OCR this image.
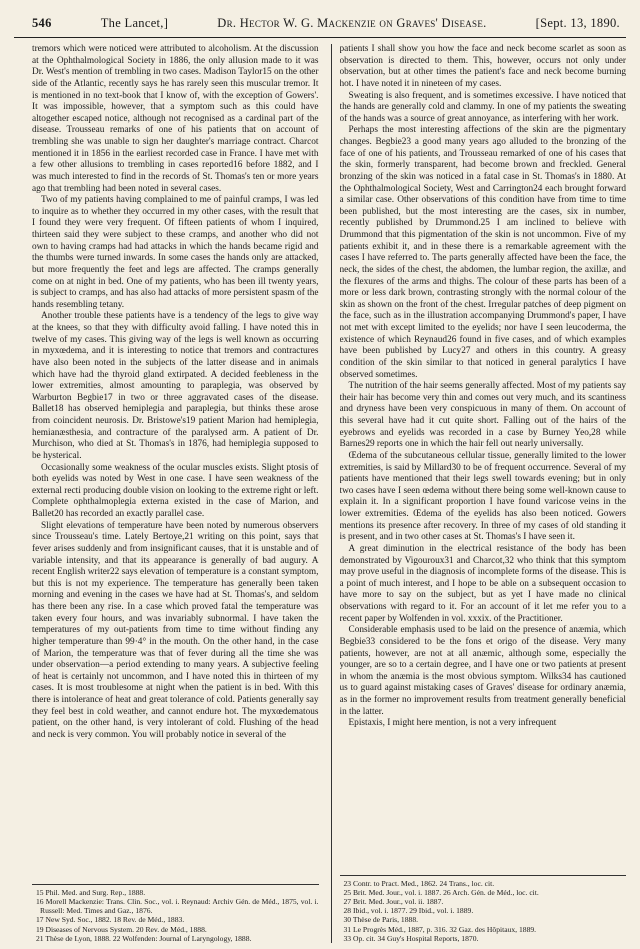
546	The Lancet,]	Dr. Hector W. G. Mackenzie on Graves' Disease.	[Sept. 13, 1890.

tremors which were noticed were attributed to alcoholism. At the discussion at the Ophthalmological Society in 1886, the only allusion made to it was Dr. West's mention of trembling in two cases. Madison Taylor15 on the other side of the Atlantic, recently says he has rarely seen this muscular tremor. It is mentioned in no text-book that I know of, with the exception of Gowers'. It was impossible, however, that a symptom such as this could have altogether escaped notice, although not recognised as a cardinal part of the disease. Trousseau remarks of one of his patients that on account of trembling she was unable to sign her daughter's marriage contract. Charcot mentioned it in 1856 in the earliest recorded case in France. I have met with a few other allusions to trembling in cases reported16 before 1882, and I was much interested to find in the records of St. Thomas's ten or more years ago that trembling had been noted in several cases.

Two of my patients having complained to me of painful cramps, I was led to inquire as to whether they occurred in my other cases, with the result that I found they were very frequent. Of fifteen patients of whom I inquired, thirteen said they were subject to these cramps, and another who did not own to having cramps had had attacks in which the hands became rigid and the thumbs were turned inwards. In some cases the hands only are attacked, but more frequently the feet and legs are affected. The cramps generally come on at night in bed. One of my patients, who has been ill twenty years, is subject to cramps, and has also had attacks of more persistent spasm of the hands resembling tetany.

Another trouble these patients have is a tendency of the legs to give way at the knees, so that they with difficulty avoid falling. I have noted this in twelve of my cases. This giving way of the legs is well known as occurring in myxœdema, and it is interesting to notice that tremors and contractures have also been noted in the subjects of the latter disease and in animals which have had the thyroid gland extirpated. A decided feebleness in the lower extremities, almost amounting to paraplegia, was observed by Warburton Begbie17 in two or three aggravated cases of the disease. Ballet18 has observed hemiplegia and paraplegia, but thinks these arose from coincident neurosis. Dr. Bristowe's19 patient Marion had hemiplegia, hemianæsthesia, and contracture of the paralysed arm. A patient of Dr. Murchison, who died at St. Thomas's in 1876, had hemiplegia supposed to be hysterical.

Occasionally some weakness of the ocular muscles exists. Slight ptosis of both eyelids was noted by West in one case. I have seen weakness of the external recti producing double vision on looking to the extreme right or left. Complete ophthalmoplegia externa existed in the case of Marion, and Ballet20 has recorded an exactly parallel case.

Slight elevations of temperature have been noted by numerous observers since Trousseau's time. Lately Bertoye,21 writing on this point, says that fever arises suddenly and from insignificant causes, that it is unstable and of variable intensity, and that its appearance is generally of bad augury. A recent English writer22 says elevation of temperature is a constant symptom, but this is not my experience. The temperature has generally been taken morning and evening in the cases we have had at St. Thomas's, and seldom has there been any rise. In a case which proved fatal the temperature was taken every four hours, and was invariably subnormal. I have taken the temperatures of my out-patients from time to time without finding any higher temperature than 99·4° in the mouth. On the other hand, in the case of Marion, the temperature was that of fever during all the time she was under observation—a period extending to many years. A subjective feeling of heat is certainly not uncommon, and I have noted this in thirteen of my cases. It is most troublesome at night when the patient is in bed. With this there is intolerance of heat and great tolerance of cold. Patients generally say they feel best in cold weather, and cannot endure hot. The myxœdematous patient, on the other hand, is very intolerant of cold. Flushing of the head and neck is very common. You will probably notice in several of the

15 Phil. Med. and Surg. Rep., 1888.
16 Morell Mackenzie: Trans. Clin. Soc., vol. i. Reynaud: Archiv Gén. de Méd., 1875, vol. i. Russell: Med. Times and Gaz., 1876.
17 New Syd. Soc., 1882. 18 Rev. de Méd., 1883.
19 Diseases of Nervous System. 20 Rev. de Méd., 1888.
21 Thèse de Lyon, 1888. 22 Wolfenden: Journal of Laryngology, 1888.

patients I shall show you how the face and neck become scarlet as soon as observation is directed to them. This, however, occurs not only under observation, but at other times the patient's face and neck become burning hot. I have noted it in nineteen of my cases.

Sweating is also frequent, and is sometimes excessive. I have noticed that the hands are generally cold and clammy. In one of my patients the sweating of the hands was a source of great annoyance, as interfering with her work.

Perhaps the most interesting affections of the skin are the pigmentary changes. Begbie23 a good many years ago alluded to the bronzing of the face of one of his patients, and Trousseau remarked of one of his cases that the skin, formerly transparent, had become brown and freckled. General bronzing of the skin was noticed in a fatal case in St. Thomas's in 1880. At the Ophthalmological Society, West and Carrington24 each brought forward a similar case. Other observations of this condition have from time to time been published, but the most interesting are the cases, six in number, recently published by Drummond.25 I am inclined to believe with Drummond that this pigmentation of the skin is not uncommon. Five of my patients exhibit it, and in these there is a remarkable agreement with the cases I have referred to. The parts generally affected have been the face, the neck, the sides of the chest, the abdomen, the lumbar region, the axillæ, and the flexures of the arms and thighs. The colour of these parts has been of a more or less dark brown, contrasting strongly with the normal colour of the skin as shown on the front of the chest. Irregular patches of deep pigment on the face, such as in the illustration accompanying Drummond's paper, I have not met with except limited to the eyelids; nor have I seen leucoderma, the existence of which Reynaud26 found in five cases, and of which examples have been published by Lucy27 and others in this country. A greasy condition of the skin similar to that noticed in general paralytics I have observed sometimes.

The nutrition of the hair seems generally affected. Most of my patients say their hair has become very thin and comes out very much, and its scantiness and dryness have been very conspicuous in many of them. On account of this several have had it cut quite short. Falling out of the hairs of the eyebrows and eyelids was recorded in a case by Burney Yeo,28 while Barnes29 reports one in which the hair fell out nearly universally.

Œdema of the subcutaneous cellular tissue, generally limited to the lower extremities, is said by Millard30 to be of frequent occurrence. Several of my patients have mentioned that their legs swell towards evening; but in only two cases have I seen œdema without there being some well-known cause to explain it. In a significant proportion I have found varicose veins in the lower extremities. Œdema of the eyelids has also been noticed. Gowers mentions its presence after recovery. In three of my cases of old standing it is present, and in two other cases at St. Thomas's I have seen it.

A great diminution in the electrical resistance of the body has been demonstrated by Vigouroux31 and Charcot,32 who think that this symptom may prove useful in the diagnosis of incomplete forms of the disease. This is a point of much interest, and I hope to be able on a subsequent occasion to have more to say on the subject, but as yet I have made no clinical observations with regard to it. For an account of it let me refer you to a recent paper by Wolfenden in vol. xxxix. of the Practitioner.

Considerable emphasis used to be laid on the presence of anæmia, which Begbie33 considered to be the fons et origo of the disease. Very many patients, however, are not at all anæmic, although some, especially the younger, are so to a certain degree, and I have one or two patients at present in whom the anæmia is the most obvious symptom. Wilks34 has cautioned us to guard against mistaking cases of Graves' disease for ordinary anæmia, as in the former no improvement results from treatment generally beneficial in the latter.

Epistaxis, I might here mention, is not a very infrequent

23 Contr. to Pract. Med., 1862. 24 Trans., loc. cit.
25 Brit. Med. Jour., vol. i. 1887. 26 Arch. Gén. de Méd., loc. cit.
27 Brit. Med. Jour., vol. ii. 1887.
28 Ibid., vol. i. 1877. 29 Ibid., vol. i. 1889.
30 Thèse de Paris, 1888.
31 Le Progrès Méd., 1887, p. 316. 32 Gaz. des Hôpitaux, 1889.
33 Op. cit. 34 Guy's Hospital Reports, 1870.
